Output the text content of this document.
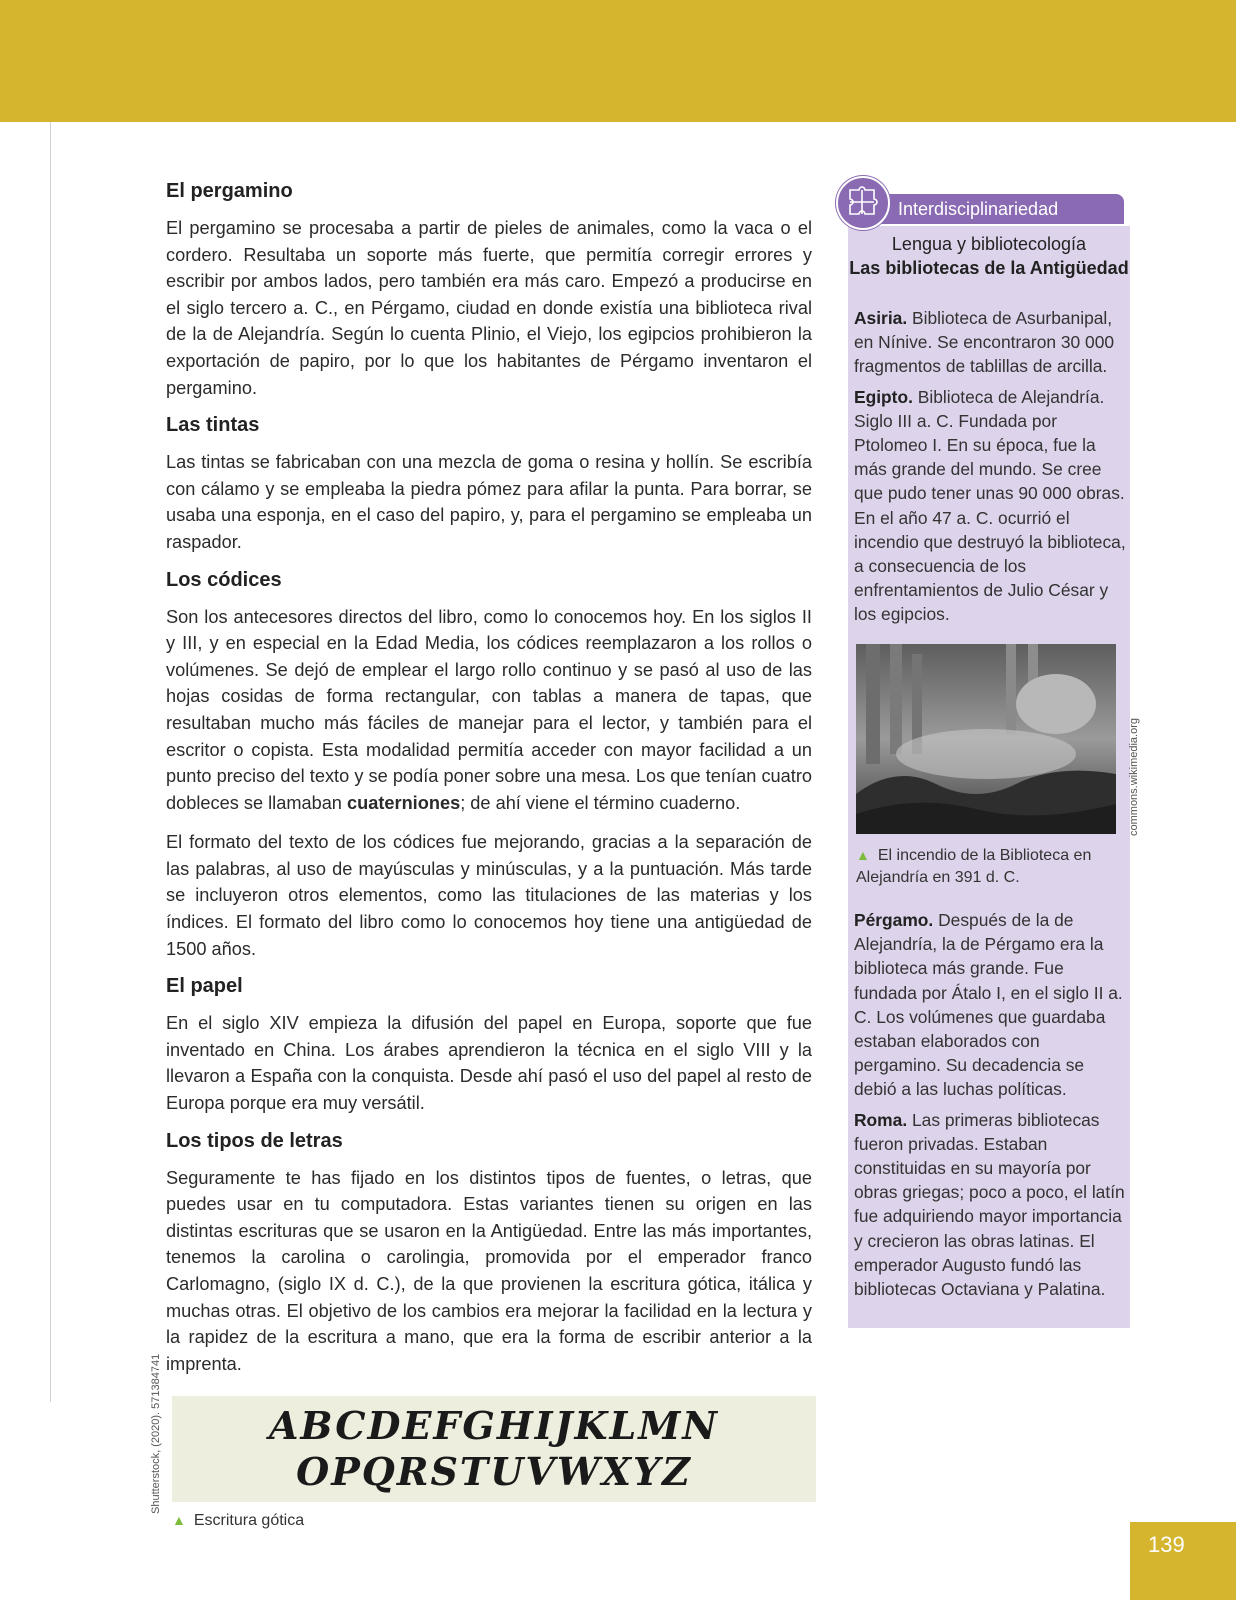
El pergamino

El pergamino se procesaba a partir de pieles de animales, como la vaca o el cordero. Resultaba un soporte más fuerte, que permitía corregir errores y escribir por ambos lados, pero también era más caro. Empezó a producirse en el siglo tercero a. C., en Pérgamo, ciudad en donde existía una biblioteca rival de la de Alejandría. Según lo cuenta Plinio, el Viejo, los egipcios prohibieron la exportación de papiro, por lo que los habitantes de Pérgamo inventaron el pergamino.

Las tintas

Las tintas se fabricaban con una mezcla de goma o resina y hollín. Se escribía con cálamo y se empleaba la piedra pómez para afilar la punta. Para borrar, se usaba una esponja, en el caso del papiro, y, para el pergamino se empleaba un raspador.

Los códices

Son los antecesores directos del libro, como lo conocemos hoy. En los siglos II y III, y en especial en la Edad Media, los códices reemplazaron a los rollos o volúmenes. Se dejó de emplear el largo rollo continuo y se pasó al uso de las hojas cosidas de forma rectangular, con tablas a manera de tapas, que resultaban mucho más fáciles de manejar para el lector, y también para el escritor o copista. Esta modalidad permitía acceder con mayor facilidad a un punto preciso del texto y se podía poner sobre una mesa. Los que tenían cuatro dobleces se llamaban cuaterniones; de ahí viene el término cuaderno.

El formato del texto de los códices fue mejorando, gracias a la separación de las palabras, al uso de mayúsculas y minúsculas, y a la puntuación. Más tarde se incluyeron otros elementos, como las titulaciones de las materias y los índices. El formato del libro como lo conocemos hoy tiene una antigüedad de 1500 años.

El papel

En el siglo XIV empieza la difusión del papel en Europa, soporte que fue inventado en China. Los árabes aprendieron la técnica en el siglo VIII y la llevaron a España con la conquista. Desde ahí pasó el uso del papel al resto de Europa porque era muy versátil.

Los tipos de letras

Seguramente te has fijado en los distintos tipos de fuentes, o letras, que puedes usar en tu computadora. Estas variantes tienen su origen en las distintas escrituras que se usaron en la Antigüedad. Entre las más importantes, tenemos la carolina o carolingia, promovida por el emperador franco Carlomagno, (siglo IX d. C.), de la que provienen la escritura gótica, itálica y muchas otras. El objetivo de los cambios era mejorar la facilidad en la lectura y la rapidez de la escritura a mano, que era la forma de escribir anterior a la imprenta.

ABCDEFGHIJKLMN
OPQRSTUVWXYZ
▲ Escritura gótica
Shutterstock, (2020). 571384741
Interdisciplinariedad
Lengua y bibliotecología
Las bibliotecas de la Antigüedad

Asiria. Biblioteca de Asurbanipal, en Nínive. Se encontraron 30 000 fragmentos de tablillas de arcilla.

Egipto. Biblioteca de Alejandría. Siglo III a. C. Fundada por Ptolomeo I. En su época, fue la más grande del mundo. Se cree que pudo tener unas 90 000 obras. En el año 47 a. C. ocurrió el incendio que destruyó la biblioteca, a consecuencia de los enfrentamientos de Julio César y los egipcios.

▲ El incendio de la Biblioteca en Alejandría en 391 d. C.
commons.wikimedia.org

Pérgamo. Después de la de Alejandría, la de Pérgamo era la biblioteca más grande. Fue fundada por Átalo I, en el siglo II a. C. Los volúmenes que guardaba estaban elaborados con pergamino. Su decadencia se debió a las luchas políticas.

Roma. Las primeras bibliotecas fueron privadas. Estaban constituidas en su mayoría por obras griegas; poco a poco, el latín fue adquiriendo mayor importancia y crecieron las obras latinas. El emperador Augusto fundó las bibliotecas Octaviana y Palatina.

139
